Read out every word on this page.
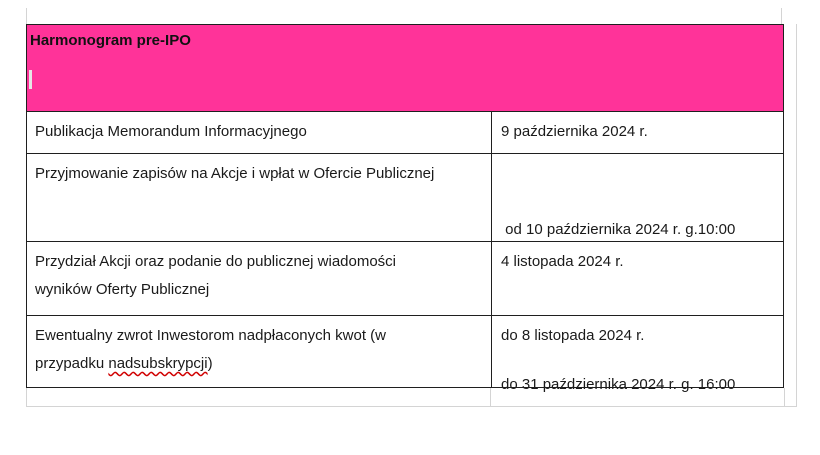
Harmonogram pre-IPO
Publikacja Memorandum Informacyjnego	9 października 2024 r.
Przyjmowanie zapisów na Akcje i wpłat w Ofercie Publicznej

od 10 października 2024 r. g.10:00

do 31 października 2024 r. g. 16:00

Przydział Akcji oraz podanie do publicznej wiadomości wyników Oferty Publicznej
4 listopada 2024 r.
Ewentualny zwrot Inwestorom nadpłaconych kwot (w przypadku nadsubskrypcji)
do 8 listopada 2024 r.
